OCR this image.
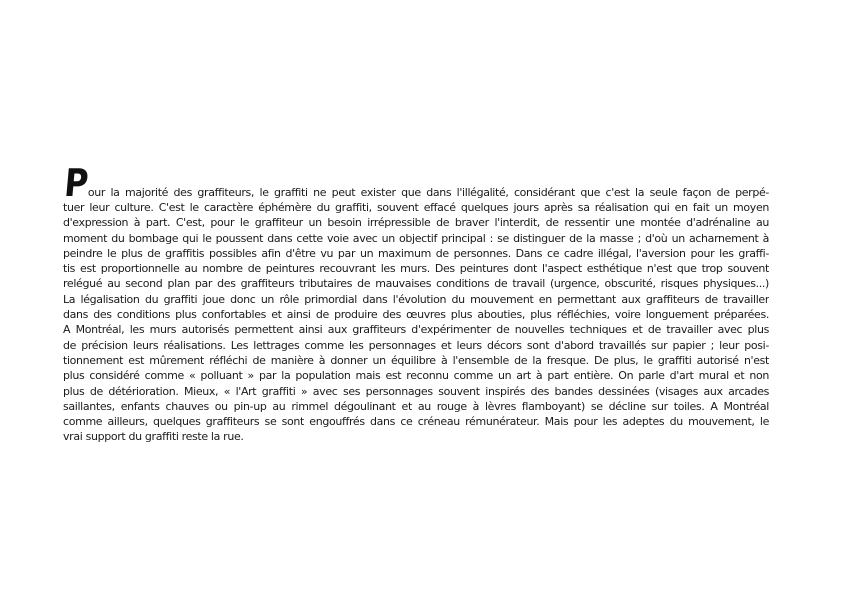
P
our la majorité des graffiteurs, le graffiti ne peut exister que dans l'illégalité, considérant que c'est la seule façon de perpé-
tuer leur culture. C'est le caractère éphémère du graffiti, souvent effacé quelques jours après sa réalisation qui en fait un moyen
d'expression à part. C'est, pour le graffiteur un besoin irrépressible de braver l'interdit, de ressentir une montée d'adrénaline au
moment du bombage qui le poussent dans cette voie avec un objectif principal : se distinguer de la masse ; d'où un acharnement à
peindre le plus de graffitis possibles afin d'être vu par un maximum de personnes. Dans ce cadre illégal, l'aversion pour les graffi-
tis est proportionnelle au nombre de peintures recouvrant les murs. Des peintures dont l'aspect esthétique n'est que trop souvent
relégué au second plan par des graffiteurs tributaires de mauvaises conditions de travail (urgence, obscurité, risques physiques...)
La légalisation du graffiti joue donc un rôle primordial dans l'évolution du mouvement en permettant aux graffiteurs de travailler
dans des conditions plus confortables et ainsi de produire des œuvres plus abouties, plus réfléchies, voire longuement préparées.
A Montréal, les murs autorisés permettent ainsi aux graffiteurs d'expérimenter de nouvelles techniques et de travailler avec plus
de précision leurs réalisations. Les lettrages comme les personnages et leurs décors sont d'abord travaillés sur papier ; leur posi-
tionnement est mûrement réfléchi de manière à donner un équilibre à l'ensemble de la fresque. De plus, le graffiti autorisé n'est
plus considéré comme « polluant » par la population mais est reconnu comme un art à part entière. On parle d'art mural et non
plus de détérioration. Mieux, « l'Art graffiti » avec ses personnages souvent inspirés des bandes dessinées (visages aux arcades
saillantes, enfants chauves ou pin-up au rimmel dégoulinant et au rouge à lèvres flamboyant) se décline sur toiles. A Montréal
comme ailleurs, quelques graffiteurs se sont engouffrés dans ce créneau rémunérateur. Mais pour les adeptes du mouvement, le
vrai support du graffiti reste la rue.
